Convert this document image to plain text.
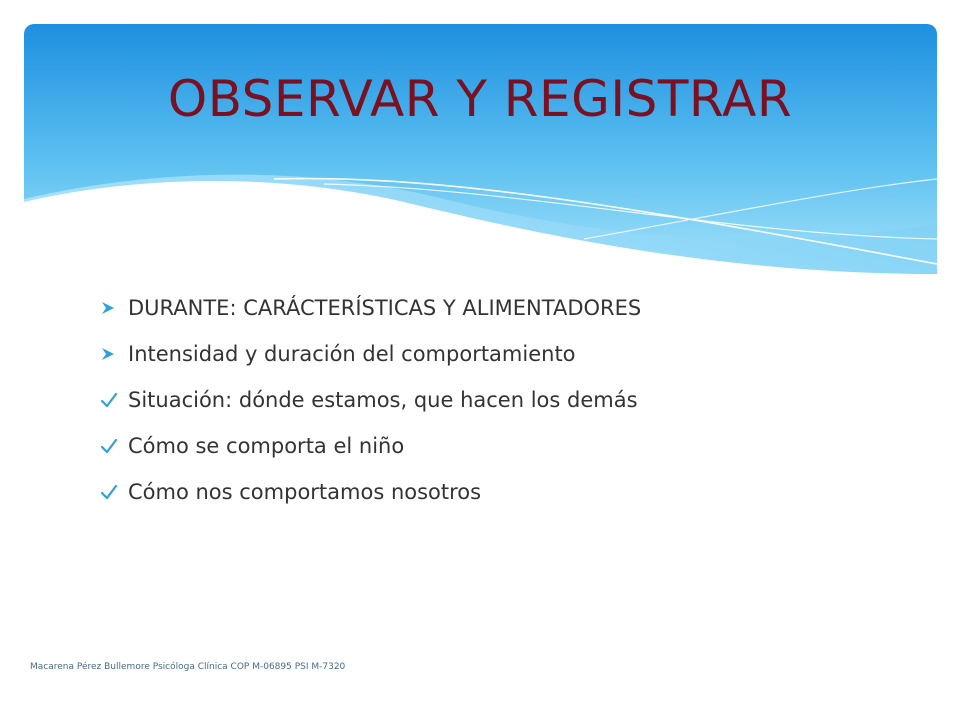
OBSERVAR Y REGISTRAR
DURANTE: CARÁCTERÍSTICAS Y ALIMENTADORES
Intensidad y duración del comportamiento
Situación: dónde estamos, que hacen los demás
Cómo se comporta el niño
Cómo nos comportamos nosotros
Macarena Pérez Bullemore Psicóloga Clínica COP M-06895 PSI M-7320
